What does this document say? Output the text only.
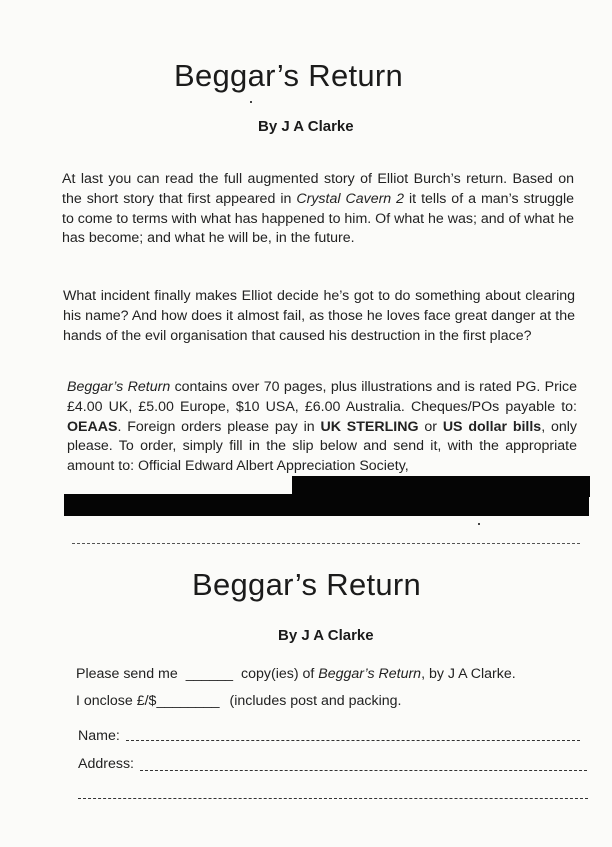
Beggar’s Return
By J A Clarke
At last you can read the full augmented story of Elliot Burch’s return. Based on the short story that first appeared in Crystal Cavern 2 it tells of a man’s struggle to come to terms with what has happened to him. Of what he was; and of what he has become; and what he will be, in the future.
What incident finally makes Elliot decide he’s got to do something about clearing his name? And how does it almost fail, as those he loves face great danger at the hands of the evil organisation that caused his destruction in the first place?
Beggar’s Return contains over 70 pages, plus illustrations and is rated PG. Price £4.00 UK, £5.00 Europe, $10 USA, £6.00 Australia. Cheques/POs payable to: OEAAS. Foreign orders please pay in UK STERLING or US dollar bills, only please. To order, simply fill in the slip below and send it, with the appropriate amount to: Official Edward Albert Appreciation Society,
Beggar’s Return
By J A Clarke
Please send me ______ copy(ies) of Beggar’s Return, by J A Clarke.
I onclose £/$________ (includes post and packing.
Name:
Address:
